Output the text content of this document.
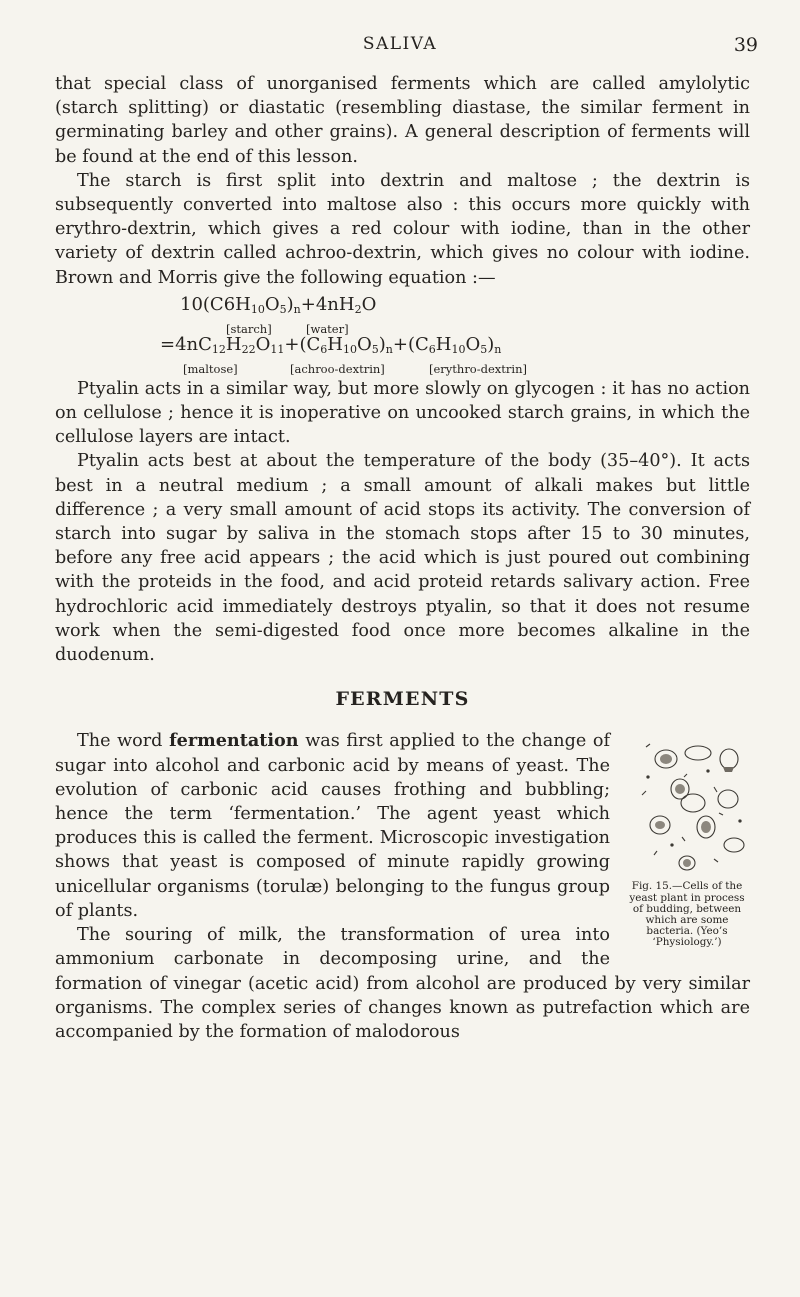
SALIVA	39

that special class of unorganised ferments which are called amylolytic (starch splitting) or diastatic (resembling diastase, the similar ferment in germinating barley and other grains). A general description of ferments will be found at the end of this lesson.

The starch is first split into dextrin and maltose ; the dextrin is subsequently converted into maltose also : this occurs more quickly with erythro-dextrin, which gives a red colour with iodine, than in the other variety of dextrin called achroo-dextrin, which gives no colour with iodine. Brown and Morris give the following equation :—

$10(C6H_{10}O_5)_n+4nH_2O$
[starch]	[water]
$=4nC_{12}H_{22}O_{11}+(C_6H_{10}O_5)_n+(C_6H_{10}O_5)_n$
[maltose]	[achroo-dextrin]	[erythro-dextrin]

Ptyalin acts in a similar way, but more slowly on glycogen : it has no action on cellulose ; hence it is inoperative on uncooked starch grains, in which the cellulose layers are intact.

Ptyalin acts best at about the temperature of the body (35–40°). It acts best in a neutral medium ; a small amount of alkali makes but little difference ; a very small amount of acid stops its activity. The conversion of starch into sugar by saliva in the stomach stops after 15 to 30 minutes, before any free acid appears ; the acid which is just poured out combining with the proteids in the food, and acid proteid retards salivary action. Free hydrochloric acid immediately destroys ptyalin, so that it does not resume work when the semi-digested food once more becomes alkaline in the duodenum.

FERMENTS
Fig. 15.—Cells of the yeast plant in process of budding, between which are some bacteria. (Yeo’s ‘Physiology.’)

The word fermentation was first applied to the change of sugar into alcohol and carbonic acid by means of yeast. The evolution of carbonic acid causes frothing and bubbling; hence the term ‘fermentation.’ The agent yeast which produces this is called the ferment. Microscopic investigation shows that yeast is composed of minute rapidly growing unicellular organisms (torulæ) belonging to the fungus group of plants.

The souring of milk, the transformation of urea into ammonium carbonate in decomposing urine, and the formation of vinegar (acetic acid) from alcohol are produced by very similar organisms. The complex series of changes known as putrefaction which are accompanied by the formation of malodorous
